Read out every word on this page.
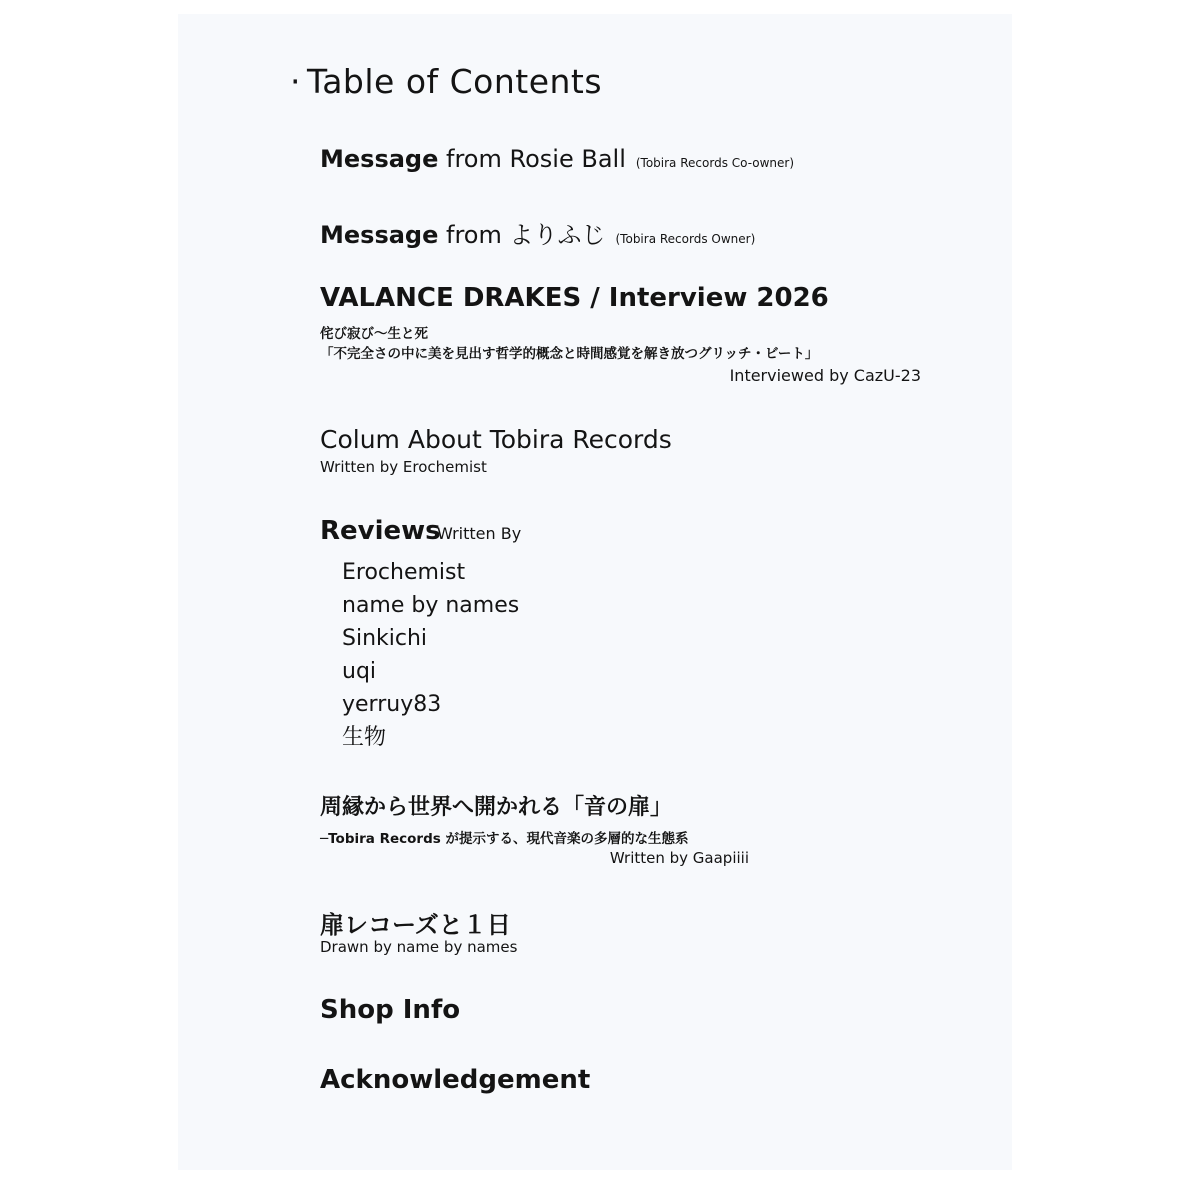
· Table of Contents
Message from Rosie Ball (Tobira Records Co-owner)
Message from よりふじ (Tobira Records Owner)
VALANCE DRAKES / Interview 2026
侘び寂び〜生と死
「不完全さの中に美を見出す哲学的概念と時間感覚を解き放つグリッチ・ビート」
Interviewed by CazU-23
Colum About Tobira Records
Written by Erochemist
Reviews
Written By
Erochemist
name by names
Sinkichi
uqi
yerruy83
生物
周縁から世界へ開かれる「音の扉」
─Tobira Records が提示する、現代音楽の多層的な生態系
Written by Gaapiiii
扉レコーズと１日
Drawn by name by names
Shop Info
Acknowledgement
